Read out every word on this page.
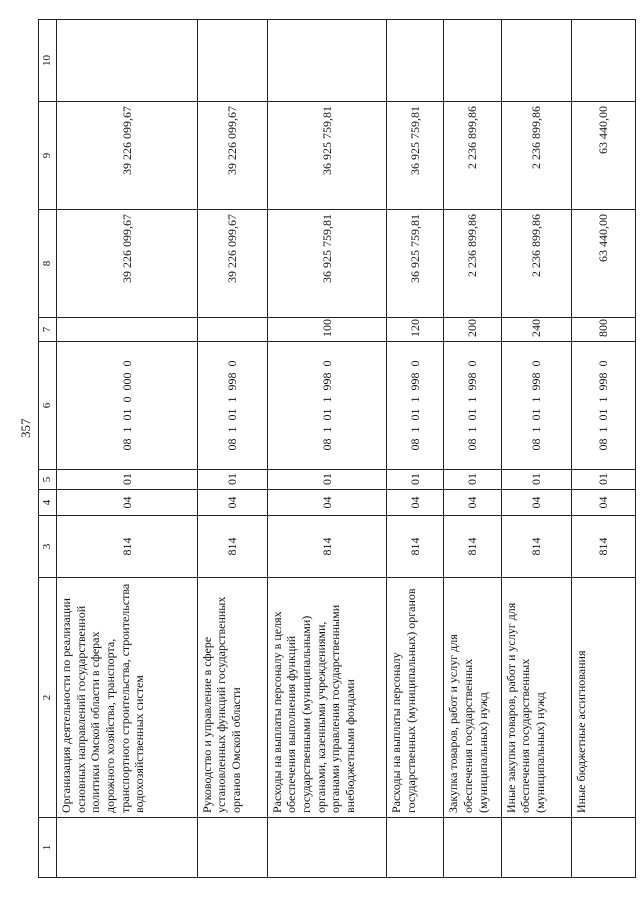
357
1	2	3	4	5	6	7	8	9	10
	Организация деятельности по реализации основных направлений государственной политики Омской области в сферах дорожного хозяйства, транспорта, транспортного строительства, строительства водохозяйственных систем	814	04	01	08 1 01 0 000 0		39 226 099,67	39 226 099,67	
	Руководство и управление в сфере установленных функций государственных органов Омской области	814	04	01	08 1 01 1 998 0		39 226 099,67	39 226 099,67	
	Расходы на выплаты персоналу в целях обеспечения выполнения функций государственными (муниципальными) органами, казенными учреждениями, органами управления государственными внебюджетными фондами	814	04	01	08 1 01 1 998 0	100	36 925 759,81	36 925 759,81	
	Расходы на выплаты персоналу государственных (муниципальных) органов	814	04	01	08 1 01 1 998 0	120	36 925 759,81	36 925 759,81	
	Закупка товаров, работ и услуг для обеспечения государственных (муниципальных) нужд	814	04	01	08 1 01 1 998 0	200	2 236 899,86	2 236 899,86	
	Иные закупки товаров, работ и услуг для обеспечения государственных (муниципальных) нужд	814	04	01	08 1 01 1 998 0	240	2 236 899,86	2 236 899,86	
	Иные бюджетные ассигнования	814	04	01	08 1 01 1 998 0	800	63 440,00	63 440,00	
